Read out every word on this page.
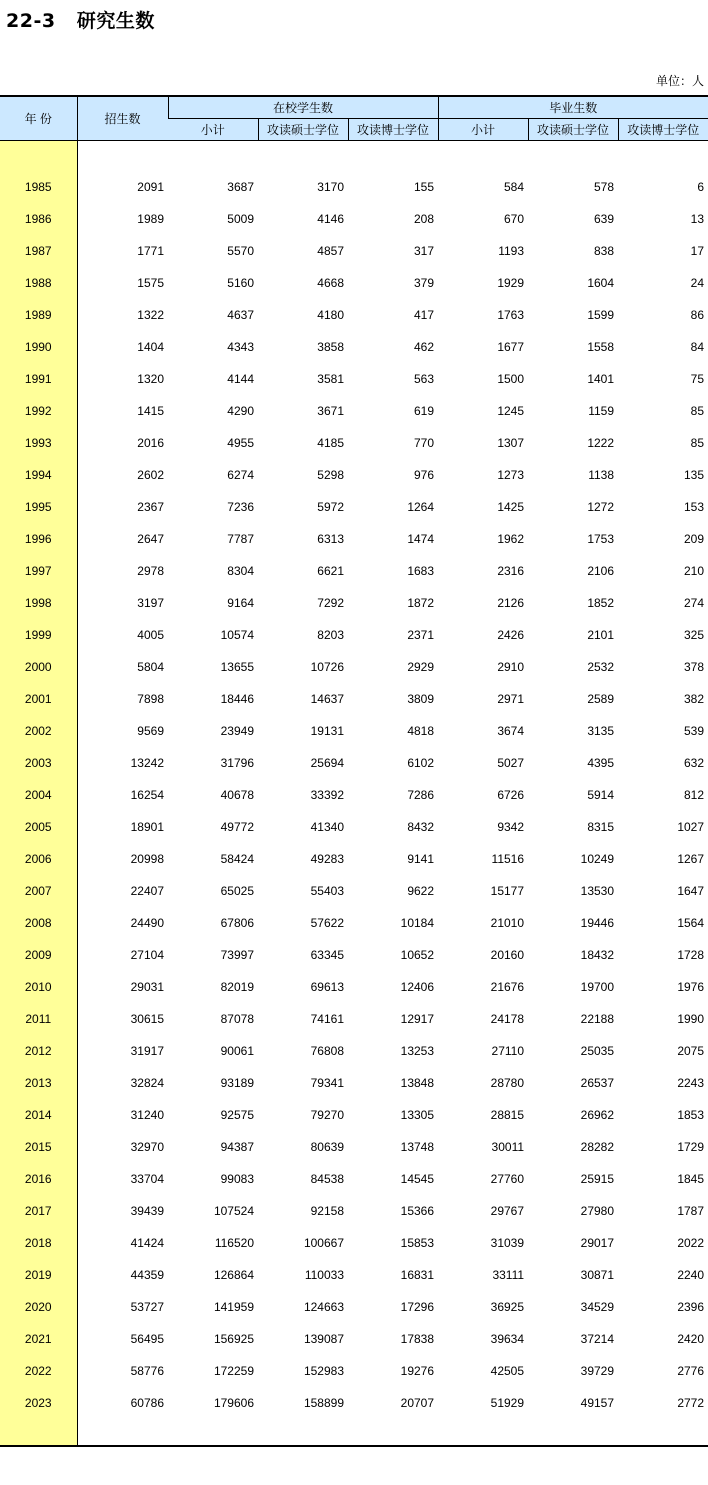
22-3   研究生数
单位：人
年 份	招生数	在校学生数			毕业生数		
		小计	攻读硕士学位	攻读博士学位	小计	攻读硕士学位	攻读博士学位

1985	2091	3687	3170	155	584	578	6
1986	1989	5009	4146	208	670	639	13
1987	1771	5570	4857	317	1193	838	17
1988	1575	5160	4668	379	1929	1604	24
1989	1322	4637	4180	417	1763	1599	86
1990	1404	4343	3858	462	1677	1558	84
1991	1320	4144	3581	563	1500	1401	75
1992	1415	4290	3671	619	1245	1159	85
1993	2016	4955	4185	770	1307	1222	85
1994	2602	6274	5298	976	1273	1138	135
1995	2367	7236	5972	1264	1425	1272	153
1996	2647	7787	6313	1474	1962	1753	209
1997	2978	8304	6621	1683	2316	2106	210
1998	3197	9164	7292	1872	2126	1852	274
1999	4005	10574	8203	2371	2426	2101	325
2000	5804	13655	10726	2929	2910	2532	378
2001	7898	18446	14637	3809	2971	2589	382
2002	9569	23949	19131	4818	3674	3135	539
2003	13242	31796	25694	6102	5027	4395	632
2004	16254	40678	33392	7286	6726	5914	812
2005	18901	49772	41340	8432	9342	8315	1027
2006	20998	58424	49283	9141	11516	10249	1267
2007	22407	65025	55403	9622	15177	13530	1647
2008	24490	67806	57622	10184	21010	19446	1564
2009	27104	73997	63345	10652	20160	18432	1728
2010	29031	82019	69613	12406	21676	19700	1976
2011	30615	87078	74161	12917	24178	22188	1990
2012	31917	90061	76808	13253	27110	25035	2075
2013	32824	93189	79341	13848	28780	26537	2243
2014	31240	92575	79270	13305	28815	26962	1853
2015	32970	94387	80639	13748	30011	28282	1729
2016	33704	99083	84538	14545	27760	25915	1845
2017	39439	107524	92158	15366	29767	27980	1787
2018	41424	116520	100667	15853	31039	29017	2022
2019	44359	126864	110033	16831	33111	30871	2240
2020	53727	141959	124663	17296	36925	34529	2396
2021	56495	156925	139087	17838	39634	37214	2420
2022	58776	172259	152983	19276	42505	39729	2776
2023	60786	179606	158899	20707	51929	49157	2772
